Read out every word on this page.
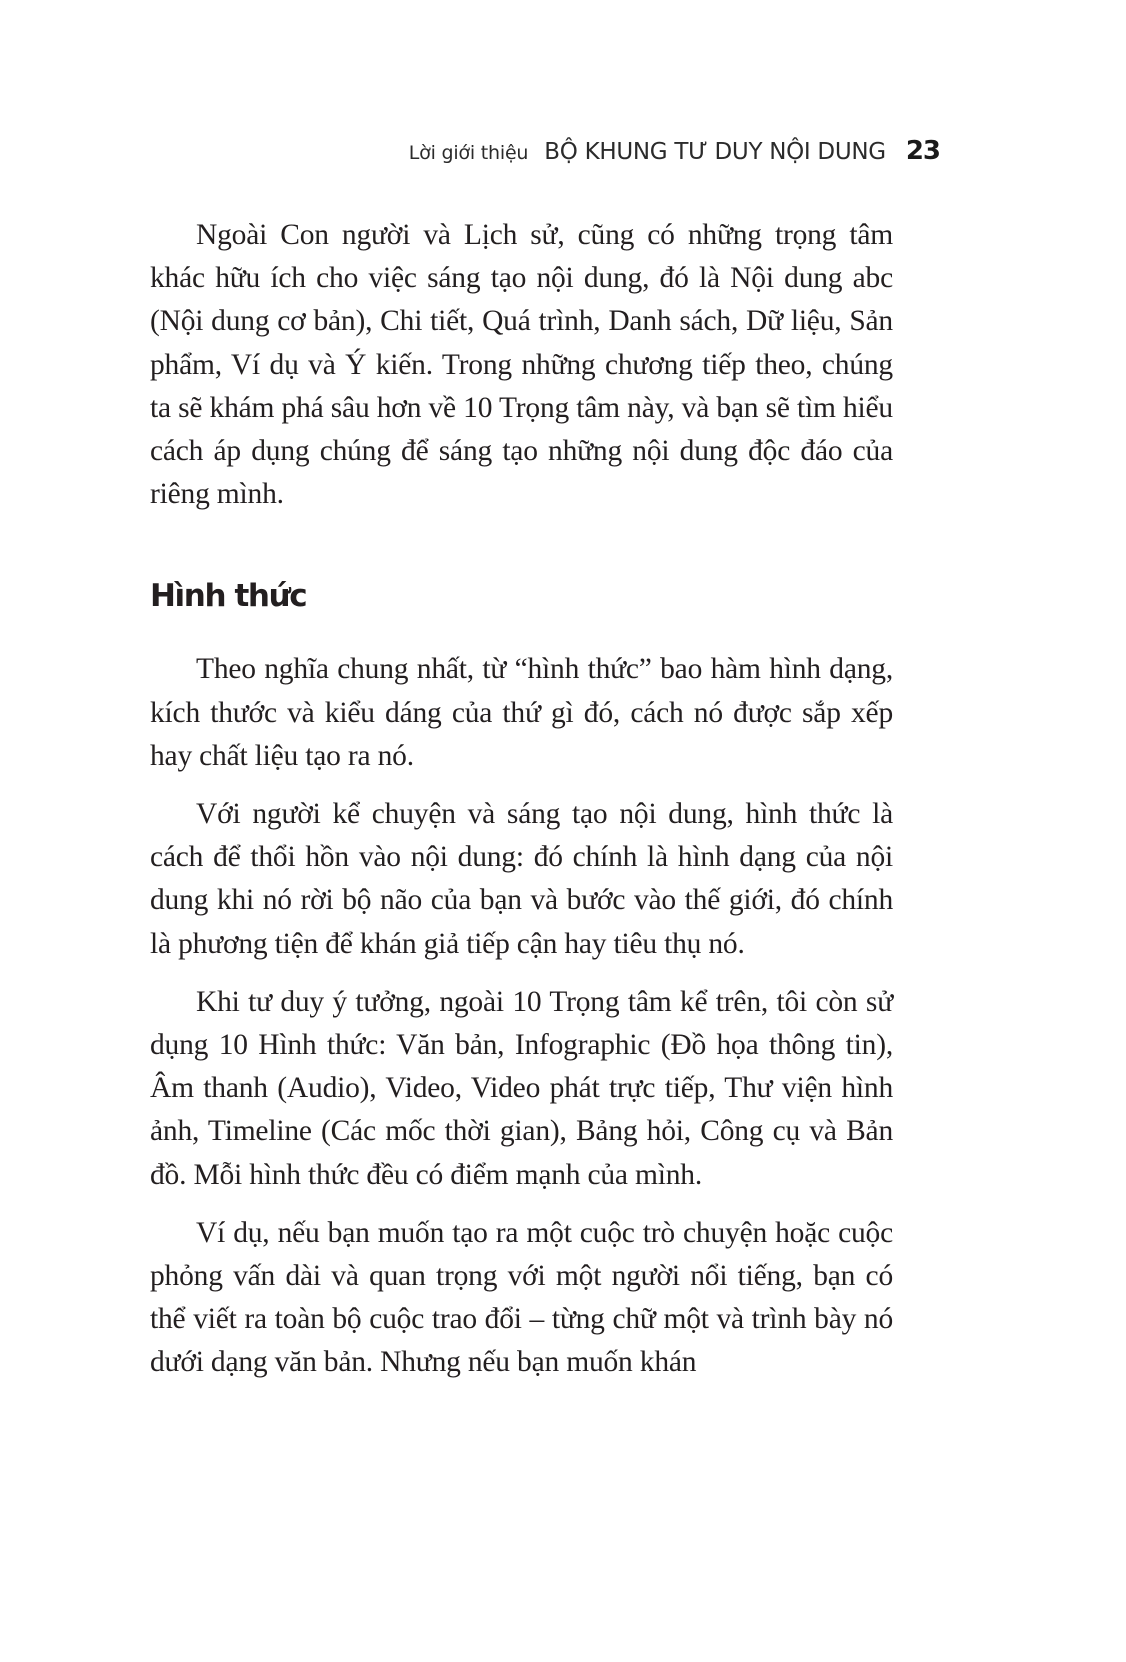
Lời giới thiệu BỘ KHUNG TƯ DUY NỘI DUNG 23

Ngoài Con người và Lịch sử, cũng có những trọng tâm khác hữu ích cho việc sáng tạo nội dung, đó là Nội dung abc (Nội dung cơ bản), Chi tiết, Quá trình, Danh sách, Dữ liệu, Sản phẩm, Ví dụ và Ý kiến. Trong những chương tiếp theo, chúng ta sẽ khám phá sâu hơn về 10 Trọng tâm này, và bạn sẽ tìm hiểu cách áp dụng chúng để sáng tạo những nội dung độc đáo của riêng mình.

Hình thức

Theo nghĩa chung nhất, từ “hình thức” bao hàm hình dạng, kích thước và kiểu dáng của thứ gì đó, cách nó được sắp xếp hay chất liệu tạo ra nó.

Với người kể chuyện và sáng tạo nội dung, hình thức là cách để thổi hồn vào nội dung: đó chính là hình dạng của nội dung khi nó rời bộ não của bạn và bước vào thế giới, đó chính là phương tiện để khán giả tiếp cận hay tiêu thụ nó.

Khi tư duy ý tưởng, ngoài 10 Trọng tâm kể trên, tôi còn sử dụng 10 Hình thức: Văn bản, Infographic (Đồ họa thông tin), Âm thanh (Audio), Video, Video phát trực tiếp, Thư viện hình ảnh, Timeline (Các mốc thời gian), Bảng hỏi, Công cụ và Bản đồ. Mỗi hình thức đều có điểm mạnh của mình.

Ví dụ, nếu bạn muốn tạo ra một cuộc trò chuyện hoặc cuộc phỏng vấn dài và quan trọng với một người nổi tiếng, bạn có thể viết ra toàn bộ cuộc trao đổi – từng chữ một và trình bày nó dưới dạng văn bản. Nhưng nếu bạn muốn khán
